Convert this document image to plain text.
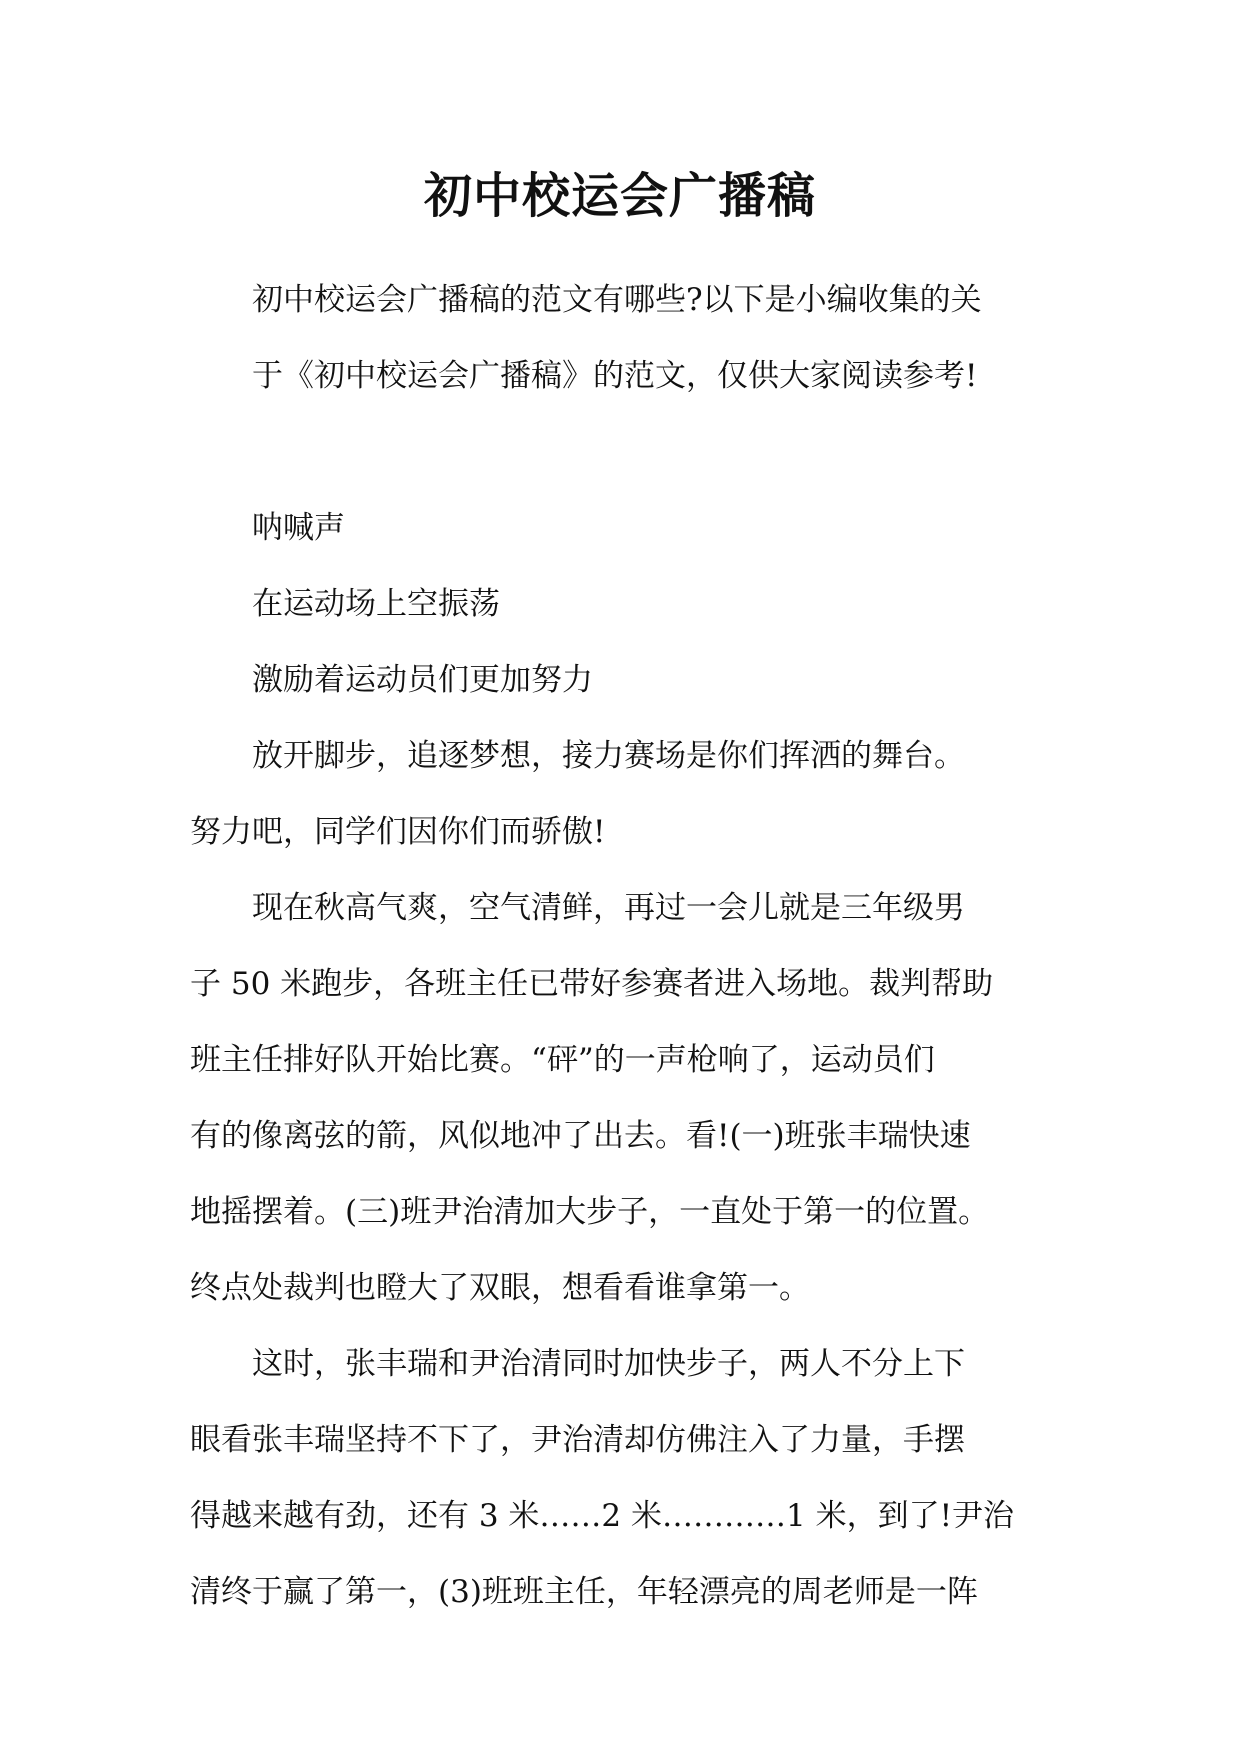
初中校运会广播稿

初中校运会广播稿的范文有哪些?以下是小编收集的关
于《初中校运会广播稿》的范文，仅供大家阅读参考!

呐喊声

在运动场上空振荡

激励着运动员们更加努力

放开脚步，追逐梦想，接力赛场是你们挥洒的舞台。
努力吧，同学们因你们而骄傲!

现在秋高气爽，空气清鲜，再过一会儿就是三年级男
子 50 米跑步，各班主任已带好参赛者进入场地。裁判帮助
班主任排好队开始比赛。“砰”的一声枪响了，运动员们
有的像离弦的箭，风似地冲了出去。看!(一)班张丰瑞快速
地摇摆着。(三)班尹治清加大步子，一直处于第一的位置。
终点处裁判也瞪大了双眼，想看看谁拿第一。

这时，张丰瑞和尹治清同时加快步子，两人不分上下
眼看张丰瑞坚持不下了，尹治清却仿佛注入了力量，手摆
得越来越有劲，还有 3 米……2 米…………1 米，到了!尹治
清终于赢了第一，(3)班班主任，年轻漂亮的周老师是一阵
